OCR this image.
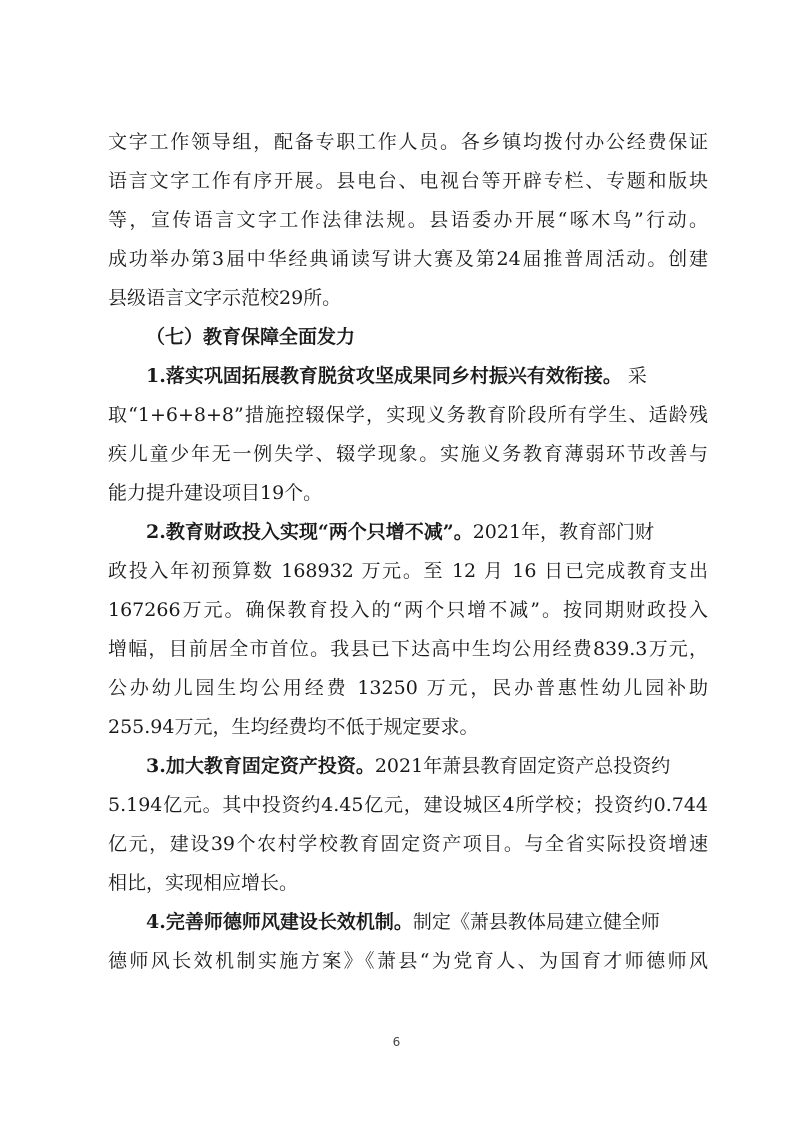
文字工作领导组，配备专职工作人员。各乡镇均拨付办公经费保证
语言文字工作有序开展。县电台、电视台等开辟专栏、专题和版块
等，宣传语言文字工作法律法规。县语委办开展“啄木鸟”行动。
成功举办第3届中华经典诵读写讲大赛及第24届推普周活动。创建
县级语言文字示范校29所。
（七）教育保障全面发力
1.落实巩固拓展教育脱贫攻坚成果同乡村振兴有效衔接。 采
取“1+6+8+8”措施控辍保学，实现义务教育阶段所有学生、适龄残
疾儿童少年无一例失学、辍学现象。实施义务教育薄弱环节改善与
能力提升建设项目19个。
2.教育财政投入实现“两个只增不减”。2021年，教育部门财
政投入年初预算数 168932 万元。至 12 月 16 日已完成教育支出
167266万元。确保教育投入的“两个只增不减”。按同期财政投入
增幅，目前居全市首位。我县已下达高中生均公用经费839.3万元，
公办幼儿园生均公用经费 13250 万元，民办普惠性幼儿园补助
255.94万元，生均经费均不低于规定要求。
3.加大教育固定资产投资。2021年萧县教育固定资产总投资约
5.194亿元。其中投资约4.45亿元，建设城区4所学校；投资约0.744
亿元，建设39个农村学校教育固定资产项目。与全省实际投资增速
相比，实现相应增长。
4.完善师德师风建设长效机制。制定《萧县教体局建立健全师
德师风长效机制实施方案》《萧县“为党育人、为国育才师德师风
6
